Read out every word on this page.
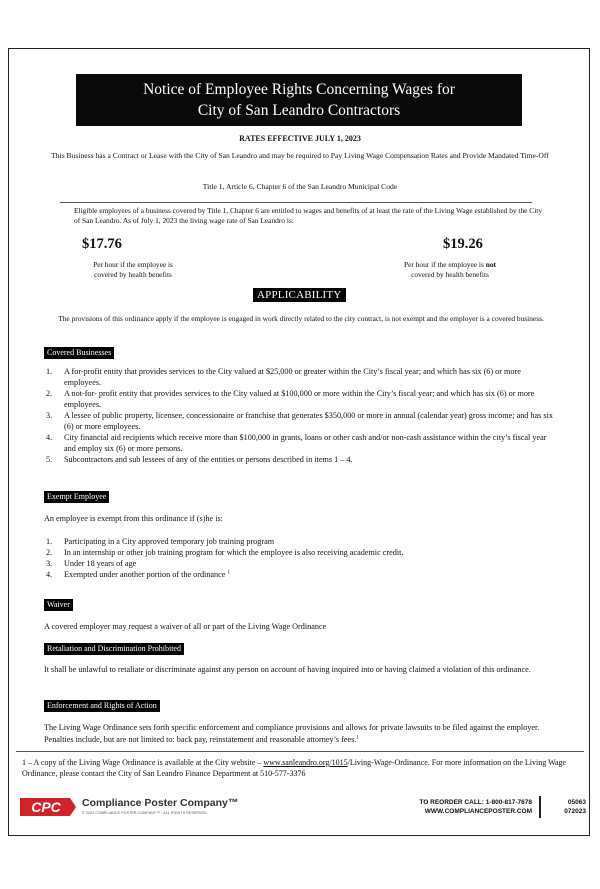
Notice of Employee Rights Concerning Wages for
City of San Leandro Contractors
RATES EFFECTIVE JULY 1, 2023
This Business has a Contract or Lease with the City of San Leandro and may be required to Pay Living Wage Compensation Rates and Provide Mandated Time-Off
Title 1, Article 6, Chapter 6 of the San Leandro Municipal Code
Eligible employees of a business covered by Title 1, Chapter 6 are entitled to wages and benefits of at least the rate of the Living Wage established by the City of San Leandro. As of July 1, 2023 the living wage rate of San Leandro is:
$17.76
Per hour if the employee is
covered by health benefits
$19.26
Per hour if the employee is not
covered by health benefits
APPLICABILITY
The provisions of this ordinance apply if the employee is engaged in work directly related to the city contract, is not exempt and the employer is a covered business.
Covered Businesses
1. A for-profit entity that provides services to the City valued at $25,000 or greater within the City’s fiscal year; and which has six (6) or more employees.
2. A not-for- profit entity that provides services to the City valued at $100,000 or more within the City’s fiscal year; and which has six (6) or more employees.
3. A lessee of public property, licensee, concessionaire or franchise that generates $350,000 or more in annual (calendar year) gross income; and has six (6) or more employees.
4. City financial aid recipients which receive more than $100,000 in grants, loans or other cash and/or non-cash assistance within the city’s fiscal year and employ six (6) or more persons.
5. Subcontractors and sub lessees of any of the entities or persons described in items 1 – 4.
Exempt Employee
An employee is exempt from this ordinance if (s)he is:
1. Participating in a City approved temporary job training program
2. In an internship or other job training program for which the employee is also receiving academic credit.
3. Under 18 years of age
4. Exempted under another portion of the ordinance $^1$
Waiver
A covered employer may request a waiver of all or part of the Living Wage Ordinance
Retaliation and Discrimination Prohibited
It shall be unlawful to retaliate or discriminate against any person on account of having inquired into or having claimed a violation of this ordinance.
Enforcement and Rights of Action
The Living Wage Ordinance sets forth specific enforcement and compliance provisions and allows for private lawsuits to be filed against the employer. Penalties include, but are not limited to: back pay, reinstatement and reasonable attorney’s fees.$^1$
1 – A copy of the Living Wage Ordinance is available at the City website – www.sanleandro.org/1015/Living-Wage-Ordinance. For more information on the Living Wage Ordinance, please contact the City of San Leandro Finance Department at 510-577-3376
CPC Compliance Poster Company™
© 2023 COMPLIANCE POSTER COMPANY™ · ALL RIGHTS RESERVED.
TO REORDER CALL: 1-800-817-7678
WWW.COMPLIANCEPOSTER.COM
05063
072023
